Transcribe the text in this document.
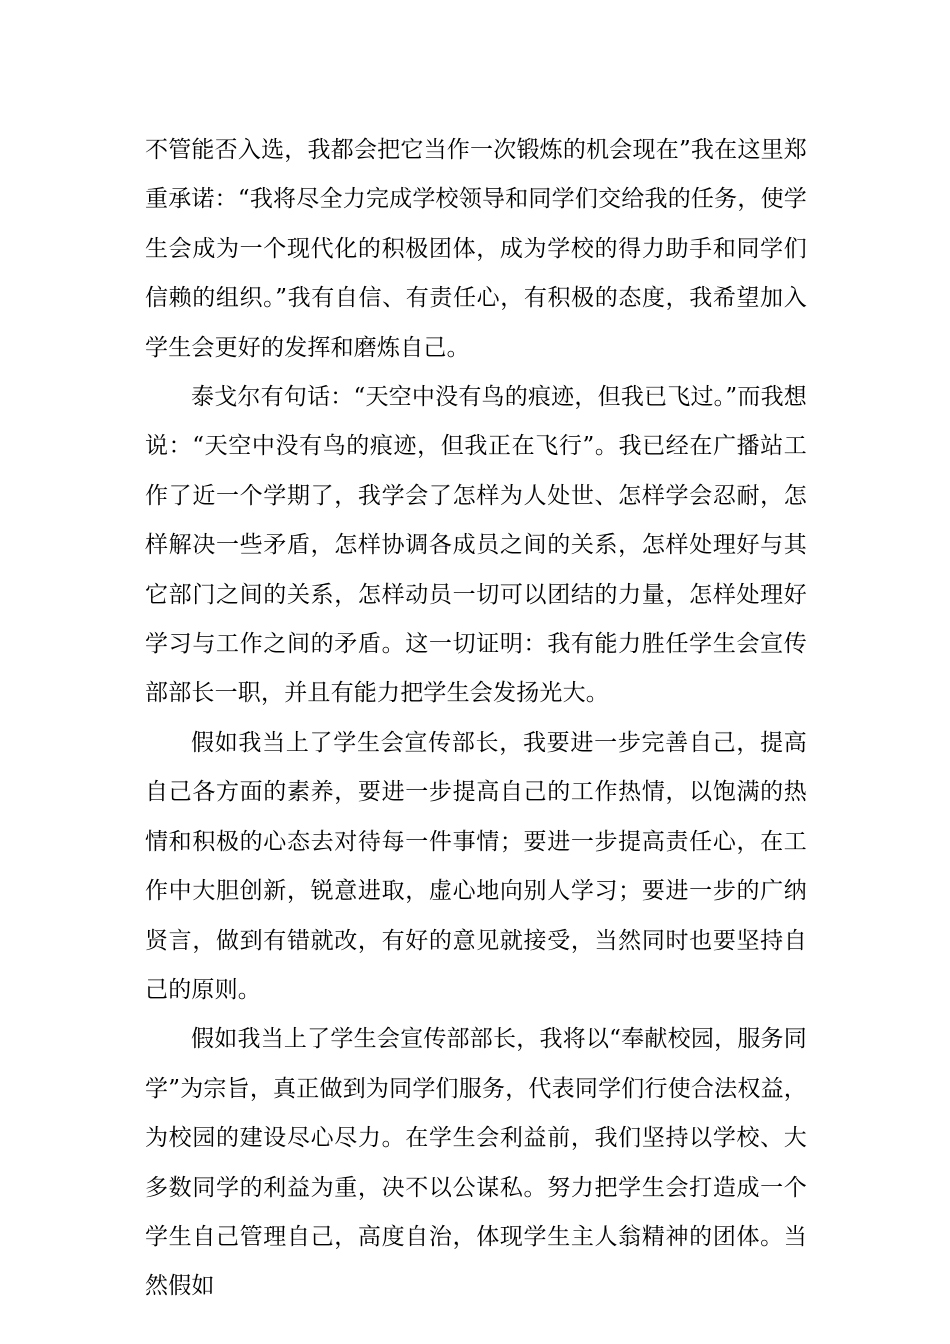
不管能否入选，我都会把它当作一次锻炼的机会现在”我在这里郑重承诺：“我将尽全力完成学校领导和同学们交给我的任务，使学生会成为一个现代化的积极团体，成为学校的得力助手和同学们信赖的组织。”我有自信、有责任心，有积极的态度，我希望加入学生会更好的发挥和磨炼自己。

泰戈尔有句话：“天空中没有鸟的痕迹，但我已飞过。”而我想说：“天空中没有鸟的痕迹，但我正在飞行”。我已经在广播站工作了近一个学期了，我学会了怎样为人处世、怎样学会忍耐，怎样解决一些矛盾，怎样协调各成员之间的关系，怎样处理好与其它部门之间的关系，怎样动员一切可以团结的力量，怎样处理好学习与工作之间的矛盾。这一切证明：我有能力胜任学生会宣传部部长一职，并且有能力把学生会发扬光大。

假如我当上了学生会宣传部长，我要进一步完善自己，提高自己各方面的素养，要进一步提高自己的工作热情，以饱满的热情和积极的心态去对待每一件事情；要进一步提高责任心，在工作中大胆创新，锐意进取，虚心地向别人学习；要进一步的广纳贤言，做到有错就改，有好的意见就接受，当然同时也要坚持自己的原则。

假如我当上了学生会宣传部部长，我将以“奉献校园，服务同学”为宗旨，真正做到为同学们服务，代表同学们行使合法权益，为校园的建设尽心尽力。在学生会利益前，我们坚持以学校、大多数同学的利益为重，决不以公谋私。努力把学生会打造成一个学生自己管理自己，高度自治，体现学生主人翁精神的团体。当然假如
